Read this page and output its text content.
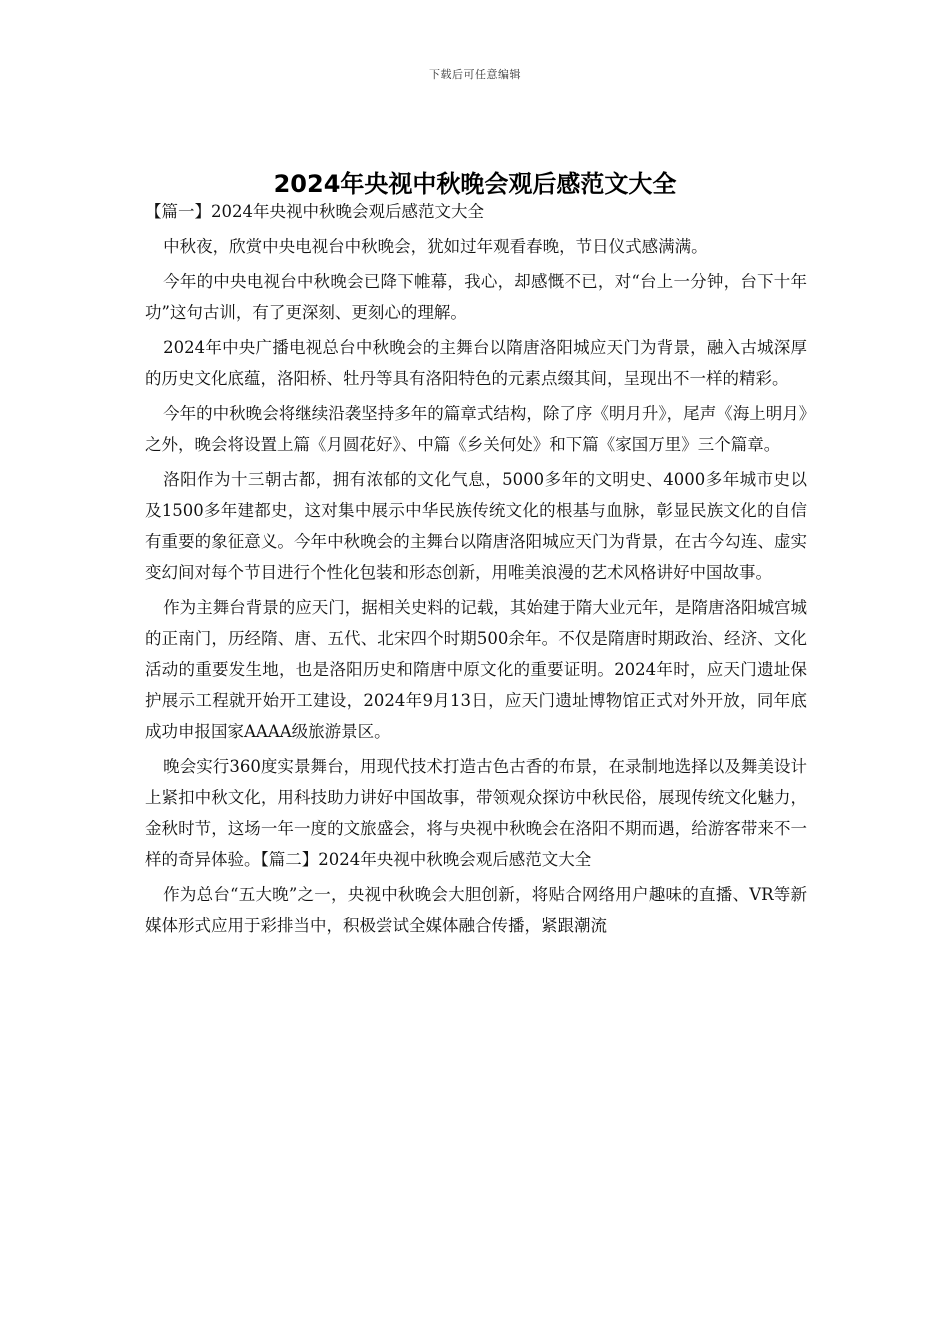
下载后可任意编辑
2024年央视中秋晚会观后感范文大全

【篇一】2024年央视中秋晚会观后感范文大全

中秋夜，欣赏中央电视台中秋晚会，犹如过年观看春晚，节日仪式感满满。

今年的中央电视台中秋晚会已降下帷幕，我心，却感慨不已，对“台上一分钟，台下十年功”这句古训，有了更深刻、更刻心的理解。

2024年中央广播电视总台中秋晚会的主舞台以隋唐洛阳城应天门为背景，融入古城深厚的历史文化底蕴，洛阳桥、牡丹等具有洛阳特色的元素点缀其间，呈现出不一样的精彩。

今年的中秋晚会将继续沿袭坚持多年的篇章式结构，除了序《明月升》，尾声《海上明月》之外，晚会将设置上篇《月圆花好》、中篇《乡关何处》和下篇《家国万里》三个篇章。

洛阳作为十三朝古都，拥有浓郁的文化气息，5000多年的文明史、4000多年城市史以及1500多年建都史，这对集中展示中华民族传统文化的根基与血脉，彰显民族文化的自信有重要的象征意义。今年中秋晚会的主舞台以隋唐洛阳城应天门为背景，在古今勾连、虚实变幻间对每个节目进行个性化包装和形态创新，用唯美浪漫的艺术风格讲好中国故事。

作为主舞台背景的应天门，据相关史料的记载，其始建于隋大业元年，是隋唐洛阳城宫城的正南门，历经隋、唐、五代、北宋四个时期500余年。不仅是隋唐时期政治、经济、文化活动的重要发生地，也是洛阳历史和隋唐中原文化的重要证明。2024年时，应天门遗址保护展示工程就开始开工建设，2024年9月13日，应天门遗址博物馆正式对外开放，同年底成功申报国家AAAA级旅游景区。

晚会实行360度实景舞台，用现代技术打造古色古香的布景，在录制地选择以及舞美设计上紧扣中秋文化，用科技助力讲好中国故事，带领观众探访中秋民俗，展现传统文化魅力，金秋时节，这场一年一度的文旅盛会，将与央视中秋晚会在洛阳不期而遇，给游客带来不一样的奇异体验。【篇二】2024年央视中秋晚会观后感范文大全

作为总台“五大晚”之一，央视中秋晚会大胆创新，将贴合网络用户趣味的直播、VR等新媒体形式应用于彩排当中，积极尝试全媒体融合传播，紧跟潮流
